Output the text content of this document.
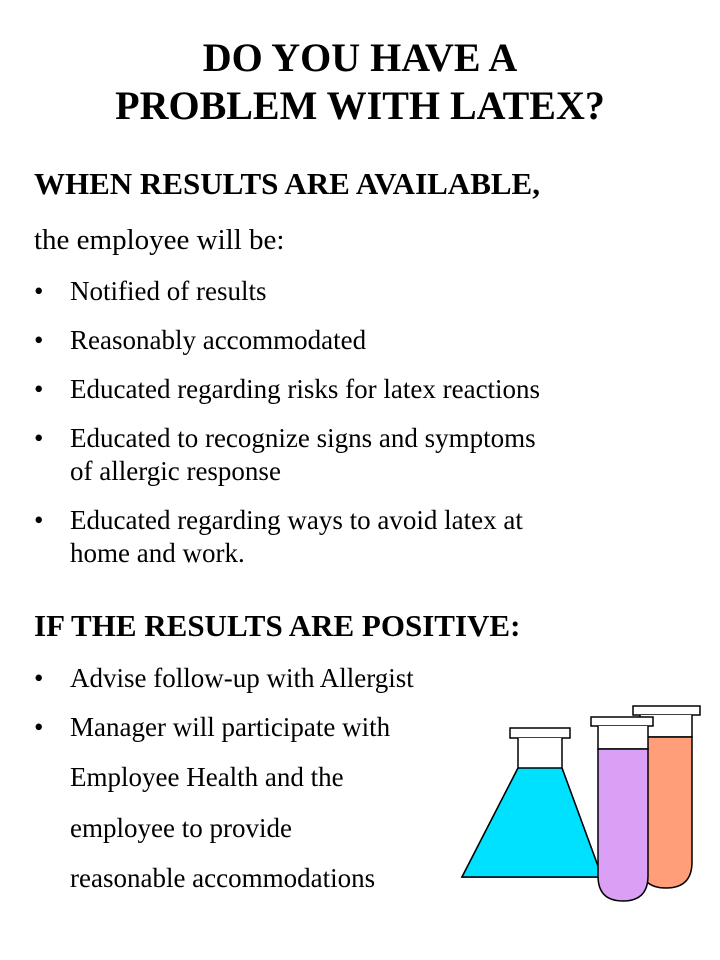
DO YOU HAVE A
PROBLEM WITH LATEX?
WHEN RESULTS ARE AVAILABLE,
the employee will be:
• Notified of results
• Reasonably accommodated
• Educated regarding risks for latex reactions
• Educated to recognize signs and symptoms
of allergic response
• Educated regarding ways to avoid latex at
home and work.
IF THE RESULTS ARE POSITIVE:
• Advise follow-up with Allergist
• Manager will participate with
Employee Health and the
employee to provide
reasonable accommodations
